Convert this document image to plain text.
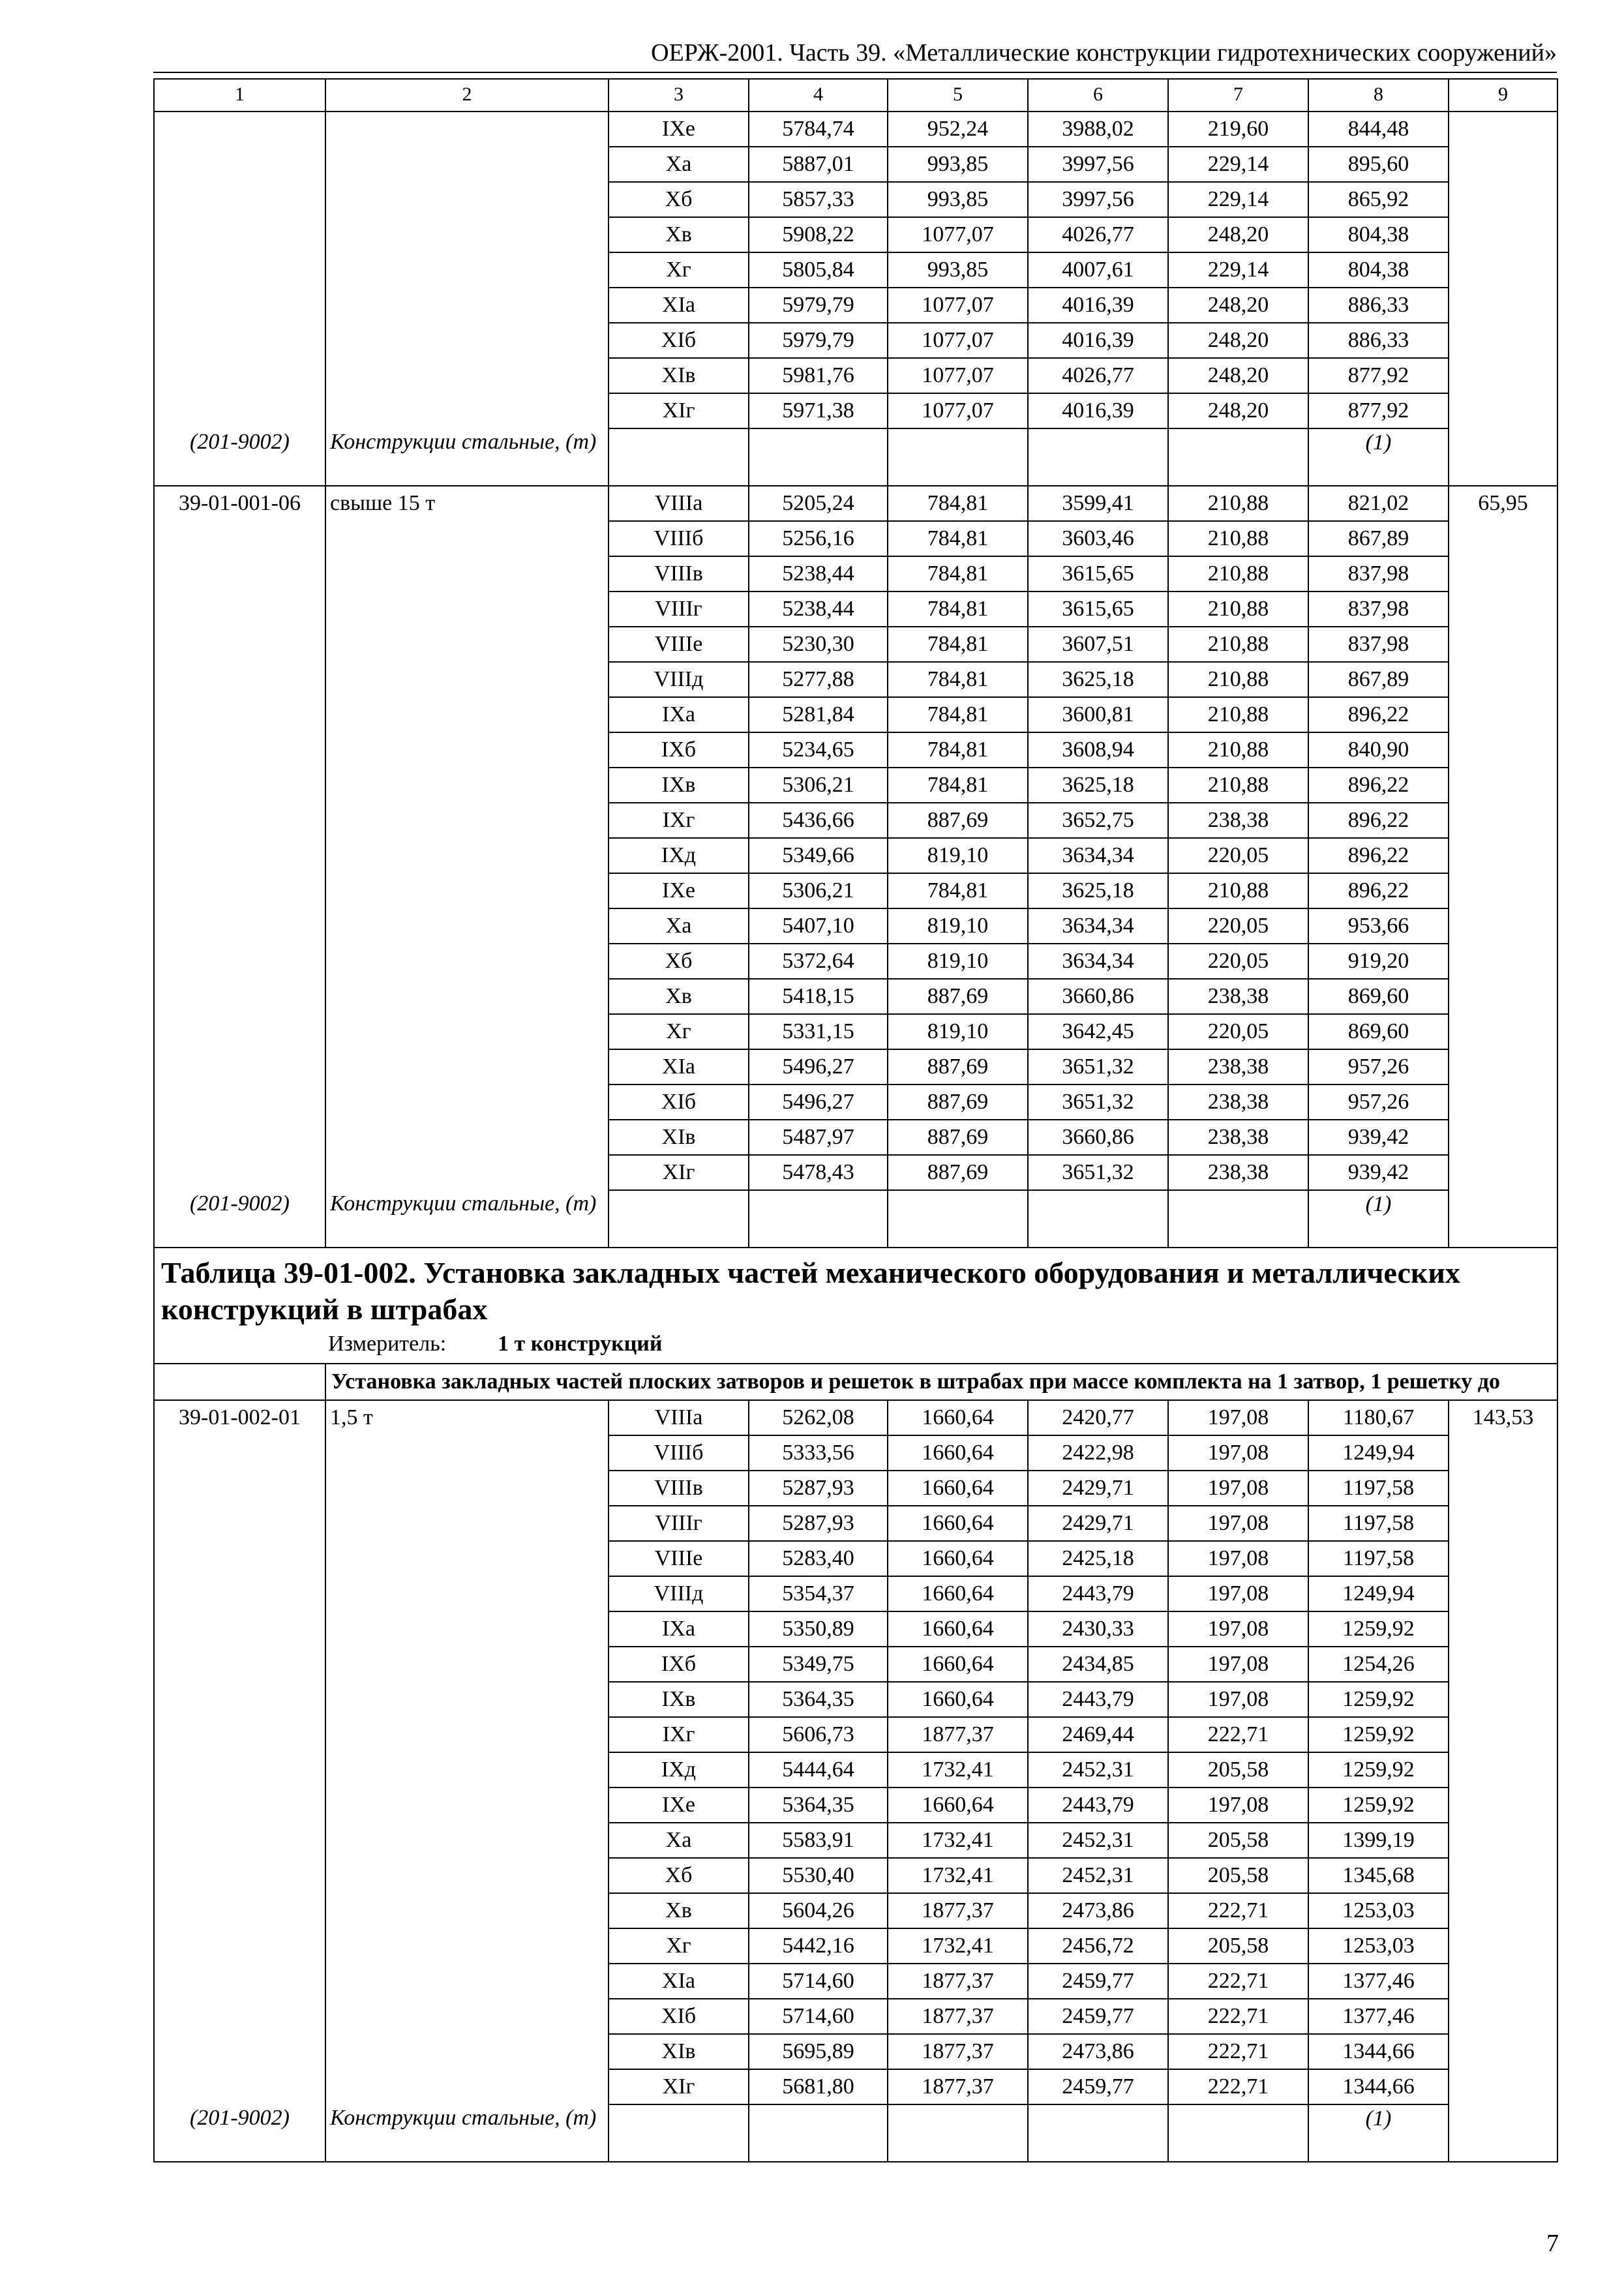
ОЕРЖ-2001. Часть 39. «Металлические конструкции гидротехнических сооружений»
1	2	3	4	5	6	7	8	9
		IXе	5784,74	952,24	3988,02	219,60	844,48	
		Xа	5887,01	993,85	3997,56	229,14	895,60	
		Xб	5857,33	993,85	3997,56	229,14	865,92	
		Xв	5908,22	1077,07	4026,77	248,20	804,38	
		Xг	5805,84	993,85	4007,61	229,14	804,38	
		XIа	5979,79	1077,07	4016,39	248,20	886,33	
		XIб	5979,79	1077,07	4016,39	248,20	886,33	
		XIв	5981,76	1077,07	4026,77	248,20	877,92	
		XIг	5971,38	1077,07	4016,39	248,20	877,92	
(201-9002)	Конструкции стальные, (т)						(1)	
39-01-001-06	свыше 15 т	VIIIа	5205,24	784,81	3599,41	210,88	821,02	65,95
		VIIIб	5256,16	784,81	3603,46	210,88	867,89	
		VIIIв	5238,44	784,81	3615,65	210,88	837,98	
		VIIIг	5238,44	784,81	3615,65	210,88	837,98	
		VIIIе	5230,30	784,81	3607,51	210,88	837,98	
		VIIIд	5277,88	784,81	3625,18	210,88	867,89	
		IXа	5281,84	784,81	3600,81	210,88	896,22	
		IXб	5234,65	784,81	3608,94	210,88	840,90	
		IXв	5306,21	784,81	3625,18	210,88	896,22	
		IXг	5436,66	887,69	3652,75	238,38	896,22	
		IXд	5349,66	819,10	3634,34	220,05	896,22	
		IXе	5306,21	784,81	3625,18	210,88	896,22	
		Xа	5407,10	819,10	3634,34	220,05	953,66	
		Xб	5372,64	819,10	3634,34	220,05	919,20	
		Xв	5418,15	887,69	3660,86	238,38	869,60	
		Xг	5331,15	819,10	3642,45	220,05	869,60	
		XIа	5496,27	887,69	3651,32	238,38	957,26	
		XIб	5496,27	887,69	3651,32	238,38	957,26	
		XIв	5487,97	887,69	3660,86	238,38	939,42	
		XIг	5478,43	887,69	3651,32	238,38	939,42	
(201-9002)	Конструкции стальные, (т)						(1)	

Таблица 39-01-002. Установка закладных частей механического оборудования и металлических конструкций в штрабах
Измеритель: 1 т конструкций								

	Установка закладных частей плоских затворов и решеток в штрабах при массе комплекта на 1 затвор, 1 решетку до							
39-01-002-01	1,5 т	VIIIа	5262,08	1660,64	2420,77	197,08	1180,67	143,53
		VIIIб	5333,56	1660,64	2422,98	197,08	1249,94	
		VIIIв	5287,93	1660,64	2429,71	197,08	1197,58	
		VIIIг	5287,93	1660,64	2429,71	197,08	1197,58	
		VIIIе	5283,40	1660,64	2425,18	197,08	1197,58	
		VIIIд	5354,37	1660,64	2443,79	197,08	1249,94	
		IXа	5350,89	1660,64	2430,33	197,08	1259,92	
		IXб	5349,75	1660,64	2434,85	197,08	1254,26	
		IXв	5364,35	1660,64	2443,79	197,08	1259,92	
		IXг	5606,73	1877,37	2469,44	222,71	1259,92	
		IXд	5444,64	1732,41	2452,31	205,58	1259,92	
		IXе	5364,35	1660,64	2443,79	197,08	1259,92	
		Xа	5583,91	1732,41	2452,31	205,58	1399,19	
		Xб	5530,40	1732,41	2452,31	205,58	1345,68	
		Xв	5604,26	1877,37	2473,86	222,71	1253,03	
		Xг	5442,16	1732,41	2456,72	205,58	1253,03	
		XIа	5714,60	1877,37	2459,77	222,71	1377,46	
		XIб	5714,60	1877,37	2459,77	222,71	1377,46	
		XIв	5695,89	1877,37	2473,86	222,71	1344,66	
		XIг	5681,80	1877,37	2459,77	222,71	1344,66	
(201-9002)	Конструкции стальные, (т)						(1)	
7
